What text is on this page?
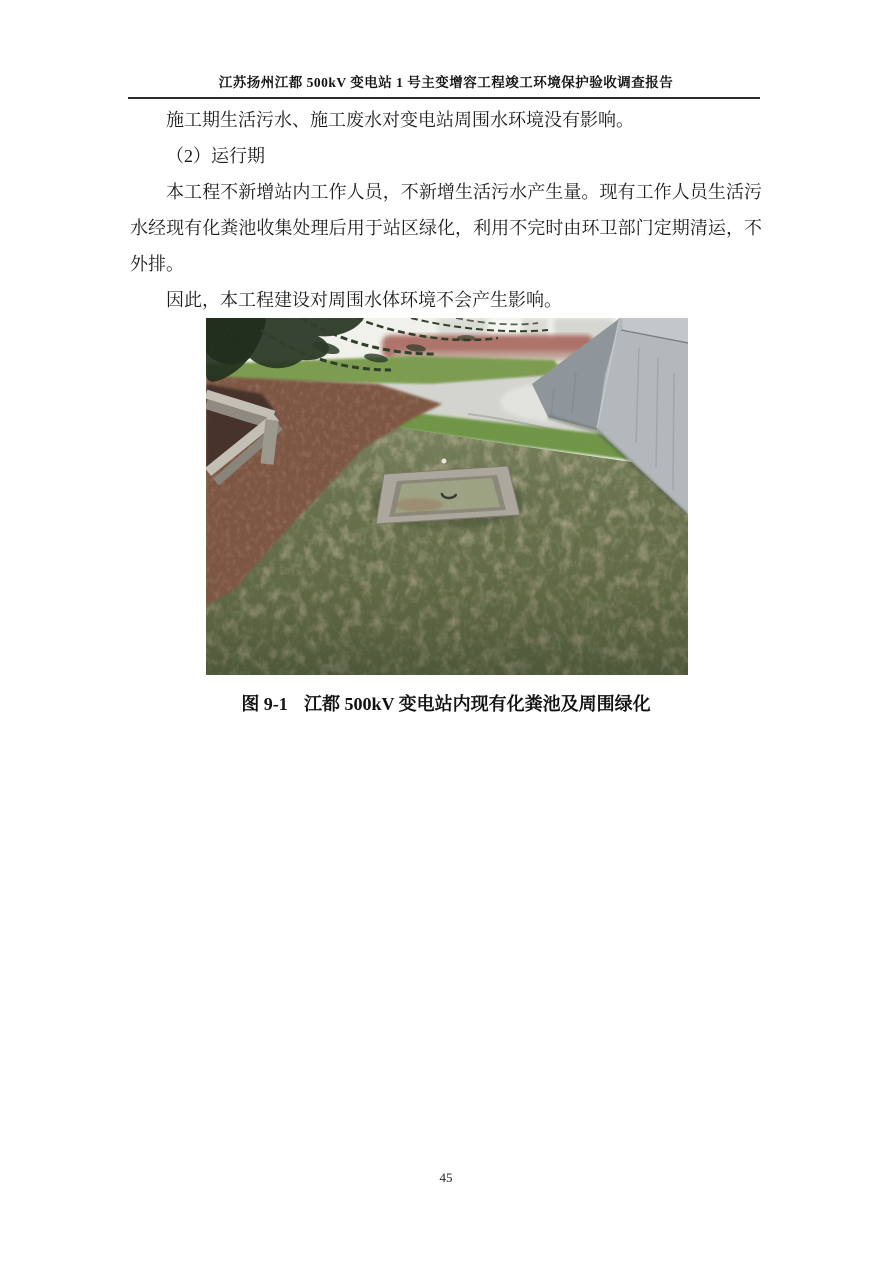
江苏扬州江都 500kV 变电站 1 号主变增容工程竣工环境保护验收调查报告

施工期生活污水、施工废水对变电站周围水环境没有影响。

（2）运行期

本工程不新增站内工作人员，不新增生活污水产生量。现有工作人员生活污
水经现有化粪池收集处理后用于站区绿化，利用不完时由环卫部门定期清运，不
外排。

因此，本工程建设对周围水体环境不会产生影响。

图 9-1 江都 500kV 变电站内现有化粪池及周围绿化
45
